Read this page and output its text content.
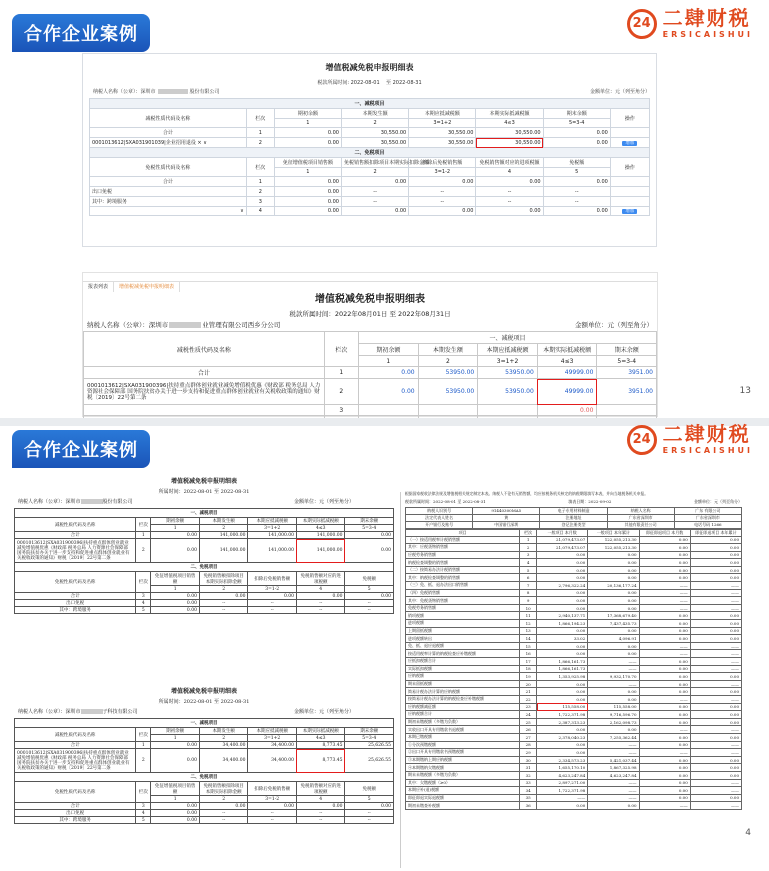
合作企业案例
24 二肆财税
ERSICAISHUI
增值税减免税申报明细表
税款所属时间: 2022-08-01 至 2022-08-31
纳税人名称（公章）：深圳市	股份有限公司	金额单位：元（列至角分）
一、减税项目							
减税性质代码及名称	栏次	期初余额	本期发生额	本期应抵减税额	本期实际抵减税额	期末余额	操作
		1	2	3=1+2	4≤3	5=3-4	
合计	1	0.00	30,550.00	30,550.00	30,550.00	0.00	
0001013612|SXA031901039|企业招用退役 × ∨	2	0.00	30,550.00	30,550.00	30,550.00	0.00	增加
二、免税项目							
免税性质代码及名称	栏次	免征增值税项目销售额	免税销售额扣除项目本期实际扣除金额	扣除后免税销售额	免税销售额对应的进项税额	免税额	操作
		1	2	3=1-2	4	5	
合计	1	0.00	0.00	0.00	0.00	0.00	
出口免税	2	0.00	--	--	--	--	
其中：跨境服务	3	0.00	--	--	--	--	
∨	4	0.00	0.00	0.00	0.00	0.00	增加
报表列表 增值税减免税申报明细表
增值税减免税申报明细表
税款所属时间：2022年08月01日 至 2022年08月31日
纳税人名称（公章）：深圳市	业管理有限公司西乡分公司	金额单位：元（列至角分）
减税性质代码及名称	栏次	一、减税项目				
		期初余额	本期发生额	本期应抵减税额	本期实际抵减税额	期末余额
		1	2	3=1+2	4≤3	5=3-4
合计	1	0.00	53950.00	53950.00	49999.00	3951.00
0001013612|SXA031900396|扶持重点群体创业就业减免增值税优惠《财政部 税务总局 人力资源社会保障部 国务院扶贫办关于进一步支持和促进重点群体创业就业有关税收政策的通知》财税〔2019〕22号第二条	2	0.00	53950.00	53950.00	49999.00	3951.00
	3				0.00	

13
合作企业案例
24 二肆财税
ERSICAISHUI
增值税减免税申报明细表
所属时间：2022-08-01 至 2022-08-31
纳税人名称（公章）：深圳市	股份有限公司	金额单位：元（列至角分）
一、减税项目						
减税性质代码及名称	栏次	期初余额	本期发生额	本期应抵减税额	本期实际抵减税额	期末余额
		1	2	3=1+2	4≤3	5=3-4
合计	1	0.00	141,000.00	141,000.00	141,000.00	0.00
0001013612|SXA031900396|扶持重点群体创业就业减免增值税优惠《财政部 税务总局 人力资源社会保障部 国务院扶贫办关于进一步支持和促进重点群体创业就业有关税收政策的通知》财税〔2019〕22号第二条	2	0.00	141,000.00	141,000.00	141,000.00	0.00
二、免税项目						
免税性质代码及名称	栏次	免征增值税项目销售额	免税销售额扣除项目本期实际扣除金额	扣除后免税销售额	免税销售额对应的进项税额	免税额
		1	2	3=1-2	4	5
合计	3	0.00	0.00	0.00	0.00	0.00
出口免税	4	0.00	--	--	--	--
其中：跨境服务	5	0.00	--	--	--	--
增值税减免税申报明细表
所属时间：2022-08-01 至 2022-08-31
纳税人名称（公章）：深圳市	子科技有限公司	金额单位：元（列至角分）
一、减税项目						
减税性质代码及名称	栏次	期初余额	本期发生额	本期应抵减税额	本期实际抵减税额	期末余额
		1	2	3=1+2	4≤3	5=3-4
合计	1	0.00	34,400.00	34,400.00	8,773.45	25,626.55
0001013612|SXA031900396|扶持重点群体创业就业减免增值税优惠《财政部 税务总局 人力资源社会保障部 国务院扶贫办关于进一步支持和促进重点群体创业就业有关税收政策的通知》财税〔2019〕22号第二条	2	0.00	34,400.00	34,400.00	8,773.45	25,626.55
二、免税项目						
免税性质代码及名称	栏次	免征增值税项目销售额	免税销售额扣除项目本期实际扣除金额	扣除后免税销售额	免税销售额对应的进项税额	免税额
		1	2	3=1-2	4	5
合计	3	0.00	0.00	0.00	0.00	0.00
出口免税	4	0.00	--	--	--	--
其中：跨境服务	5	0.00	--	--	--	--
根据国家税收法律法规及增值税相关规定制定本表。纳税人不论有无销售额，均应按税务机关核定的纳税期限填写本表，并向当地税务机关申报。
税款所属时间：2022-08-01 至 2022-08-31	填表日期：2022-09-02	金额单位：元（列至角分）
纳税人识别号	91440300MA5	电子专用材料制造	纳税人名称	广东 有限公司
法定代表人姓名	黄	注册地址	广东省深圳市	广东省深圳市
开户银行及账号	中国银行深圳	登记注册类型	其他有限责任公司	电话号码 1266
项目	栏次	一般项目 本月数	一般项目 本年累计	即征即退项目 本月数	即征即退项目 本年累计
（一）按适用税率计税销售额	1	21,079,473.07	122,055,213.30	0.00	0.00
其中：应税货物销售额	2	21,079,473.07	122,055,213.30	0.00	0.00
应税劳务销售额	3	0.00	0.00	0.00	0.00
纳税检查调整的销售额	4	0.00	0.00	0.00	0.00
（二）按简易办法计税销售额	5	0.00	0.00	0.00	0.00
其中：纳税检查调整的销售额	6	0.00	0.00	0.00	0.00
（三）免、抵、退办法出口销售额	7	2,796,322.24	20,136,177.24	——	——
（四）免税销售额	8	0.00	0.00	——	——
其中：免税货物销售额	9	0.00	0.00	——	——
免税劳务销售额	10	0.00	0.00	——	——
销项税额	11	2,940,137.71	17,368,679.40	0.00	0.00
进项税额	12	1,866,194.23	7,437,435.73	0.00	0.00
上期留抵税额	13	0.00	0.00	0.00	0.00
进项税额转出	14	33.02	4,096.91	0.00	0.00
免、抵、退应退税额	15	0.00	0.00	——	——
按适用税率计算的纳税检查应补缴税额	16	0.00	0.00	——	——
应抵扣税额合计	17	1,866,161.73	——	0.00	——
实际抵扣税额	18	1,866,161.73	——	0.00	——
应纳税额	19	1,353,925.98	9,932,170.70	0.00	0.00
期末留抵税额	20	0.00	——	0.00	——
简易计税办法计算的应纳税额	21	0.00	0.00	0.00	0.00
按简易计税办法计算的纳税检查应补缴税额	22	0.00	0.00	——	——
应纳税额减征额	23	115,558.00	115,558.00	0.00	0.00
应纳税额合计	24	1,722,371.98	9,716,596.70	0.00	0.00
期初未缴税额（多缴为负数）	25	2,387,313.23	2,162,098.73	0.00	0.00
实收出口开具专用缴款书退税额	26	0.00	0.00	——	——
本期已缴税额	27	2,378,040.23	7,255,362.44	0.00	0.00
①分次预缴税额	28	0.00	——	0.00	——
②出口开具专用缴款书预缴税额	29	0.00	——	——	——
③本期缴纳上期应纳税额	30	2,334,573.23	5,421,037.44	0.00	0.00
④本期缴纳欠缴税额	31	1,655,170.10	1,867,325.98	0.00	0.00
期末未缴税额（多缴为负数）	32	4,623,247.84	4,623,247.84	0.00	0.00
其中：欠缴税额（≥0）	33	2,897,271.00	——	0.00	——
本期应补(退)税额	34	1,722,371.98	——	0.00	——
即征即退实际退税额	35	——	——	0.00	0.00
期初未缴查补税额	36	0.00	0.00	——	——
4
